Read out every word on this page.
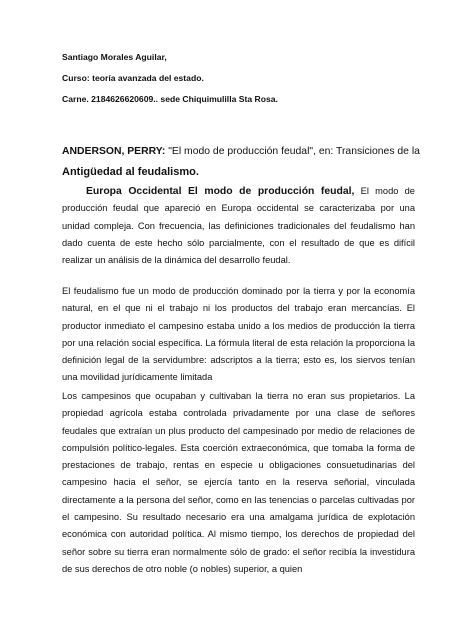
Santiago Morales Aguilar,
Curso: teoría avanzada del estado.
Carne. 2184626620609.. sede Chiquimulilla Sta Rosa.
ANDERSON, PERRY: "El modo de producción feudal", en: Transiciones de la Antigüedad al feudalismo.

Europa Occidental El modo de producción feudal, El modo de producción feudal que apareció en Europa occidental se caracterizaba por una unidad compleja. Con frecuencia, las definiciones tradicionales del feudalismo han dado cuenta de este hecho sólo parcialmente, con el resultado de que es difícil realizar un análisis de la dinámica del desarrollo feudal.

El feudalismo fue un modo de producción dominado por la tierra y por la economía natural, en el que ni el trabajo ni los productos del trabajo eran mercancías. El productor inmediato el campesino estaba unido a los medios de producción la tierra por una relación social específica. La fórmula literal de esta relación la proporciona la definición legal de la servidumbre: adscriptos a la tierra; esto es, los siervos tenían una movilidad jurídicamente limitada

Los campesinos que ocupaban y cultivaban la tierra no eran sus propietarios. La propiedad agrícola estaba controlada privadamente por una clase de señores feudales que extraían un plus producto del campesinado por medio de relaciones de compulsión político-legales. Esta coerción extraeconómica, que tomaba la forma de prestaciones de trabajo, rentas en especie u obligaciones consuetudinarias del campesino hacia el señor, se ejercía tanto en la reserva señorial, vinculada directamente a la persona del señor, como en las tenencias o parcelas cultivadas por el campesino. Su resultado necesario era una amalgama jurídica de explotación económica con autoridad política. Al mismo tiempo, los derechos de propiedad del señor sobre su tierra eran normalmente sólo de grado: el señor recibía la investidura de sus derechos de otro noble (o nobles) superior, a quien
